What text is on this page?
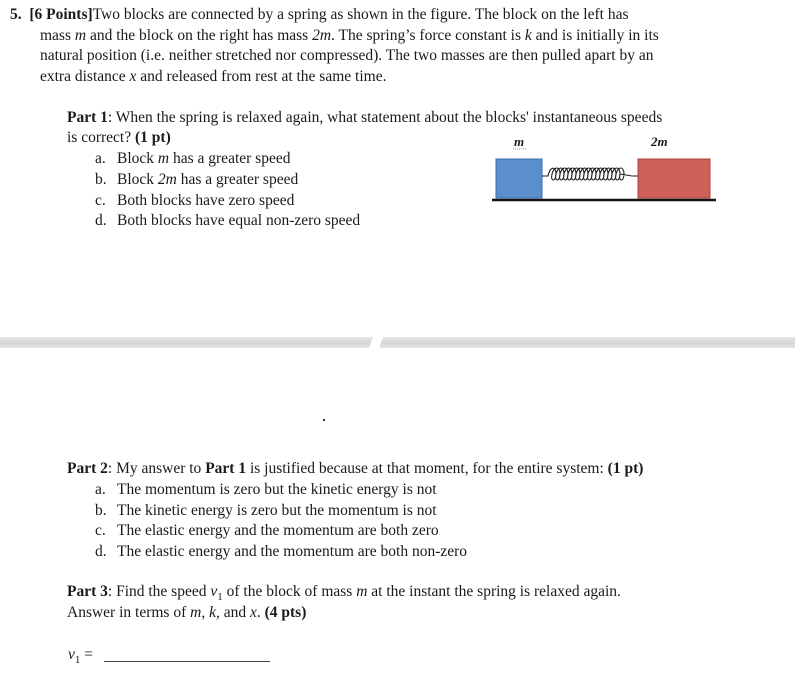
5. [6 Points]Two blocks are connected by a spring as shown in the figure. The block on the left has
mass m and the block on the right has mass 2m. The spring’s force constant is k and is initially in its
natural position (i.e. neither stretched nor compressed). The two masses are then pulled apart by an
extra distance x and released from rest at the same time.
Part 1: When the spring is relaxed again, what statement about the blocks' instantaneous speeds
is correct? (1 pt)
a. Block m has a greater speed
b. Block 2m has a greater speed
c. Both blocks have zero speed
d. Both blocks have equal non-zero speed
m	2m
Part 2: My answer to Part 1 is justified because at that moment, for the entire system: (1 pt)
a. The momentum is zero but the kinetic energy is not
b. The kinetic energy is zero but the momentum is not
c. The elastic energy and the momentum are both zero
d. The elastic energy and the momentum are both non-zero
Part 3: Find the speed $v_1$ of the block of mass m at the instant the spring is relaxed again.
Answer in terms of m, k, and x. (4 pts)
$v_1$ =
